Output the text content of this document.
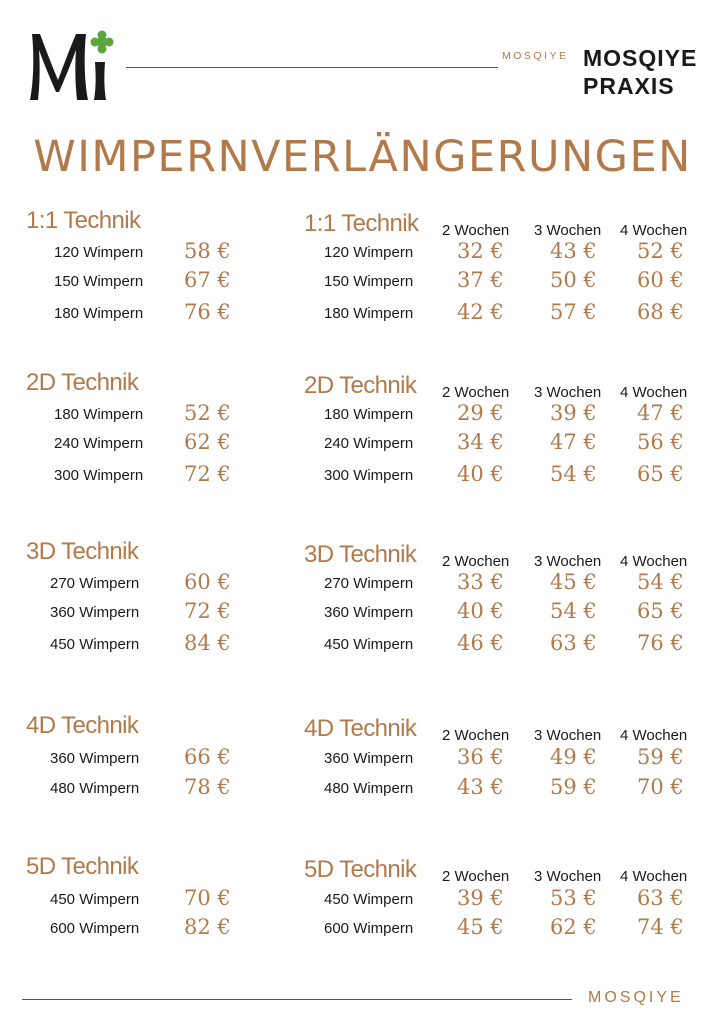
MOSQIYE MOSQIYE
PRAXIS
WIMPERNVERLÄNGERUNGEN
1:1 Technik	1:1 Technik 2 Wochen 3 Wochen 4 Wochen
120 Wimpern 58 €	120 Wimpern 32 € 43 € 52 €
150 Wimpern 67 €	150 Wimpern 37 € 50 € 60 €
180 Wimpern 76 €	180 Wimpern 42 € 57 € 68 €
2D Technik	2D Technik 2 Wochen 3 Wochen 4 Wochen
180 Wimpern 52 €	180 Wimpern 29 € 39 € 47 €
240 Wimpern 62 €	240 Wimpern 34 € 47 € 56 €
300 Wimpern 72 €	300 Wimpern 40 € 54 € 65 €
3D Technik	3D Technik 2 Wochen 3 Wochen 4 Wochen
270 Wimpern 60 €	270 Wimpern 33 € 45 € 54 €
360 Wimpern 72 €	360 Wimpern 40 € 54 € 65 €
450 Wimpern 84 €	450 Wimpern 46 € 63 € 76 €
4D Technik	4D Technik 2 Wochen 3 Wochen 4 Wochen
360 Wimpern 66 €	360 Wimpern 36 € 49 € 59 €
480 Wimpern 78 €	480 Wimpern 43 € 59 € 70 €
5D Technik	5D Technik 2 Wochen 3 Wochen 4 Wochen
450 Wimpern 70 €	450 Wimpern 39 € 53 € 63 €
600 Wimpern 82 €	600 Wimpern 45 € 62 € 74 €
MOSQIYE
